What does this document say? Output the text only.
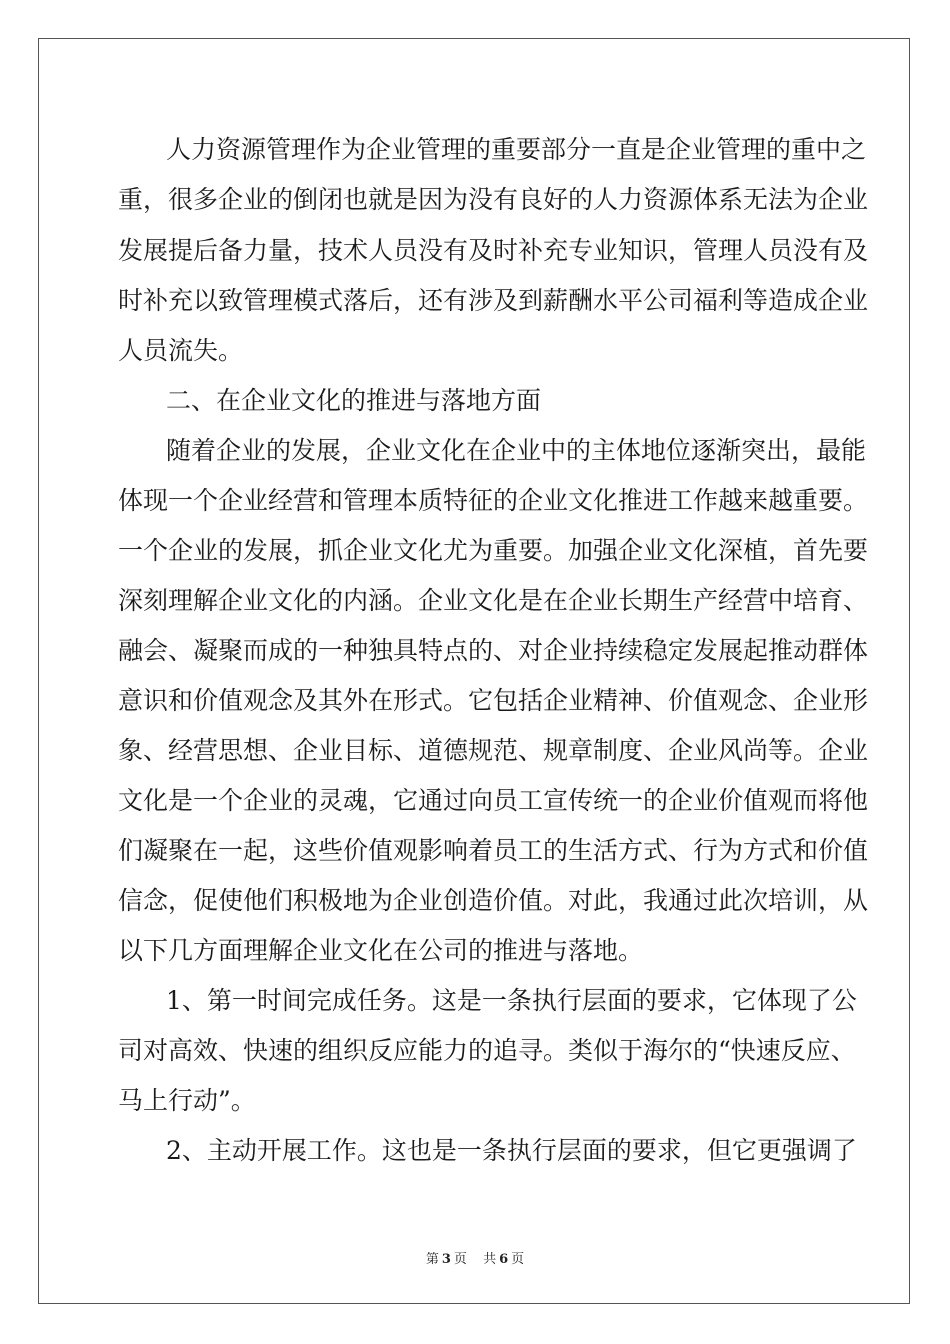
人力资源管理作为企业管理的重要部分一直是企业管理的重中之
重，很多企业的倒闭也就是因为没有良好的人力资源体系无法为企业
发展提后备力量，技术人员没有及时补充专业知识，管理人员没有及
时补充以致管理模式落后，还有涉及到薪酬水平公司福利等造成企业
人员流失。
二、在企业文化的推进与落地方面
随着企业的发展，企业文化在企业中的主体地位逐渐突出，最能
体现一个企业经营和管理本质特征的企业文化推进工作越来越重要。
一个企业的发展，抓企业文化尤为重要。加强企业文化深植，首先要
深刻理解企业文化的内涵。企业文化是在企业长期生产经营中培育、
融会、凝聚而成的一种独具特点的、对企业持续稳定发展起推动群体
意识和价值观念及其外在形式。它包括企业精神、价值观念、企业形
象、经营思想、企业目标、道德规范、规章制度、企业风尚等。企业
文化是一个企业的灵魂，它通过向员工宣传统一的企业价值观而将他
们凝聚在一起，这些价值观影响着员工的生活方式、行为方式和价值
信念，促使他们积极地为企业创造价值。对此，我通过此次培训，从
以下几方面理解企业文化在公司的推进与落地。
1、第一时间完成任务。这是一条执行层面的要求，它体现了公
司对高效、快速的组织反应能力的追寻。类似于海尔的“快速反应、
马上行动”。
2、主动开展工作。这也是一条执行层面的要求，但它更强调了
第 3 页 共 6 页
